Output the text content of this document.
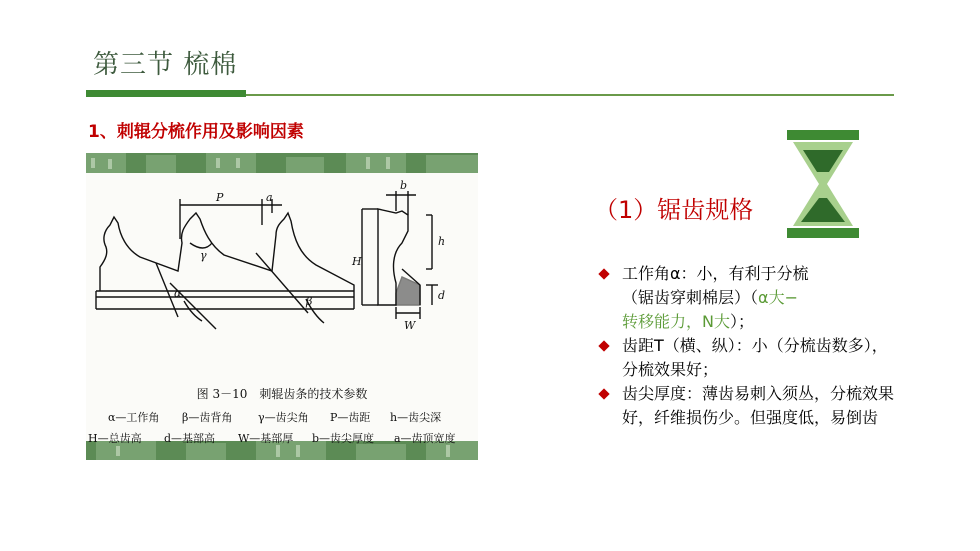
第三节 梳棉
1、刺辊分梳作用及影响因素
P	a
b
h
H
d
W
γ
α
β
图 3－10　刺辊齿条的技术参数
α—工作角 β—齿背角 γ—齿尖角 P—齿距 h—齿尖深
H—总齿高 d—基部高 W—基部厚 b—齿尖厚度 a—齿顶宽度
（1）锯齿规格
工作角α：小，有利于分梳
（锯齿穿刺棉层）（α大−
转移能力，N大）；
齿距T（横、纵）：小（分梳齿数多），分梳效果好；
齿尖厚度：薄齿易刺入须丛，分梳效果好，纤维损伤少。但强度低，易倒齿
